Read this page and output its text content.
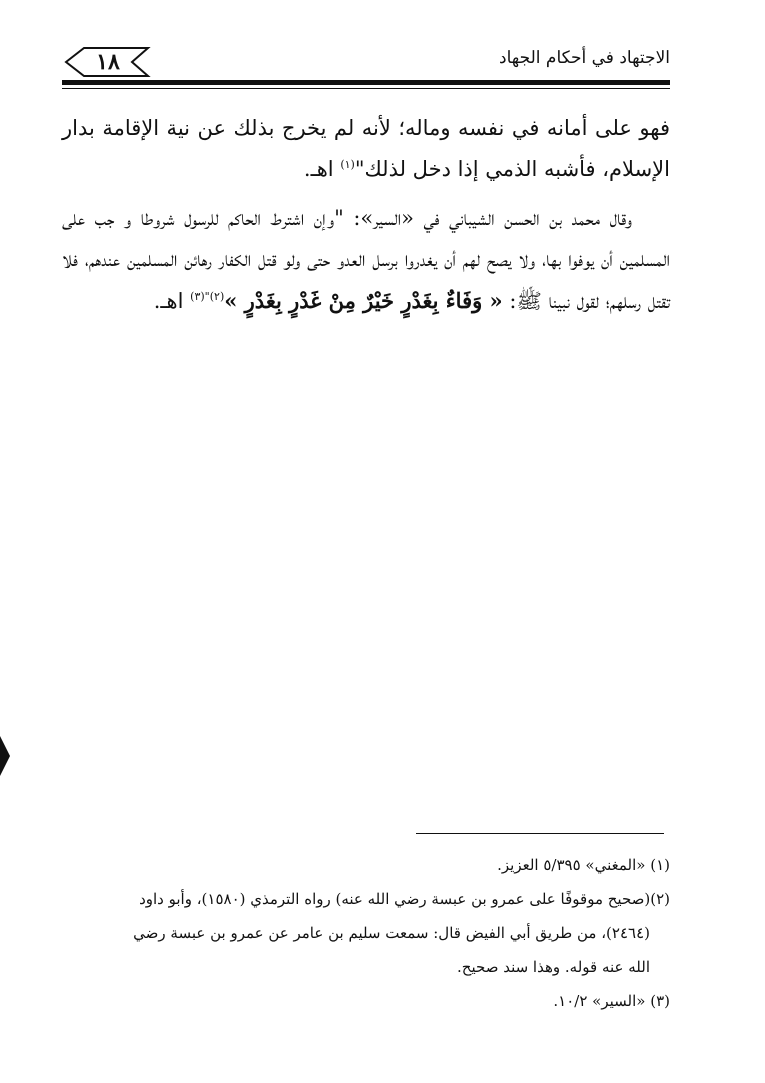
١٨	الاجتهاد في أحكام الجهاد

فهو على أمانه في نفسه وماله؛ لأنه لم يخرج بذلك عن نية الإقامة بدار الإسلام، فأشبه الذمي إذا دخل لذلك"$^{(١)}$ اهـ.

وقال محمد بن الحسن الشيباني في «السير»: "وإن اشترط الحاكم للرسول شروطا و جب على المسلمين أن يوفوا بها، ولا يصح لهم أن يغدروا برسل العدو حتى ولو قتل الكفار رهائن المسلمين عندهم، فلا تقتل رسلهم؛ لقول نبينا ﷺ: « وَفَاءٌ بِغَدْرٍ خَيْرٌ مِنْ غَدْرٍ بِغَدْرٍ »$^{(٢)"(٣)}$ اهـ.

(١) «المغني» ٥/٣٩٥ العزيز.

(٢)(صحيح موقوفًا على عمرو بن عبسة رضي الله عنه) رواه الترمذي (١٥٨٠)، وأبو داود

(٢٤٦٤)، من طريق أبي الفيض قال: سمعت سليم بن عامر عن عمرو بن عبسة رضي

الله عنه قوله. وهذا سند صحيح.

(٣) «السير» ١٠/٢.
